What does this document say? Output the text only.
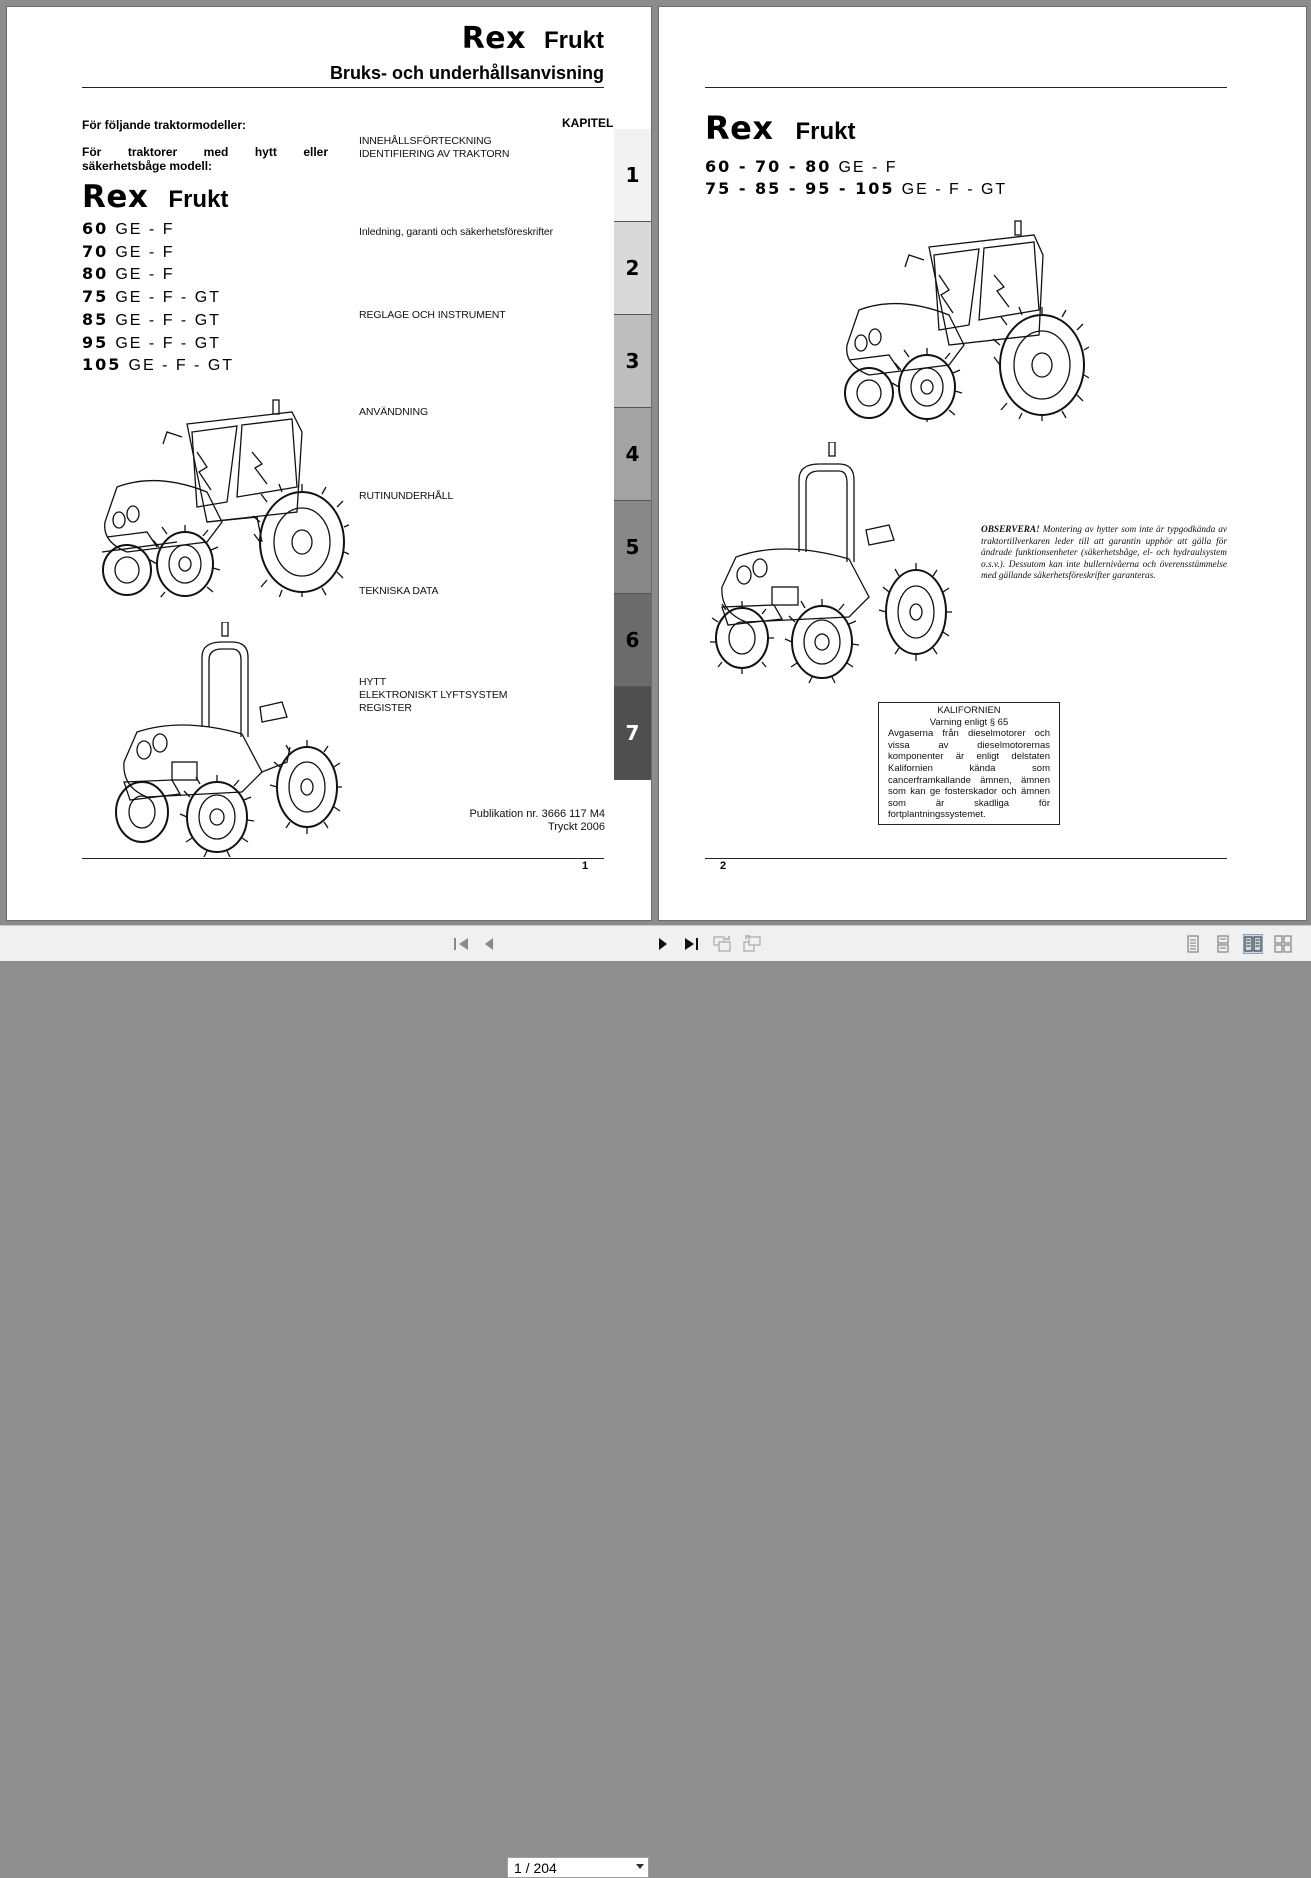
Rex Frukt
Bruks- och underhållsanvisning
För följande traktormodeller:
För traktorer med hytt eller
säkerhetsbåge modell:
KAPITEL
Rex Frukt
60 GE - F
70 GE - F
80 GE - F
75 GE - F - GT
85 GE - F - GT
95 GE - F - GT
105 GE - F - GT
INNEHÅLLSFÖRTECKNING
IDENTIFIERING AV TRAKTORN
Inledning, garanti och säkerhetsföreskrifter
REGLAGE OCH INSTRUMENT
ANVÄNDNING
RUTINUNDERHÅLL
TEKNISKA DATA
HYTT
ELEKTRONISKT LYFTSYSTEM
REGISTER
1
2
3
4
5
6
7
Publikation nr. 3666 117 M4
Tryckt 2006
1
Rex Frukt
60 - 70 - 80 GE - F
75 - 85 - 95 - 105 GE - F - GT
OBSERVERA! Montering av hytter som inte är typgodkända av traktortillverkaren leder till att garantin upphör att gälla för ändrade funktionsenheter (säkerhetsbåge, el- och hydraulsystem o.s.v.). Dessutom kan inte bullernivåerna och överensstämmelse med gällande säkerhetsföreskrifter garanteras.
KALIFORNIEN
Varning enligt § 65
Avgaserna från dieselmotorer och vissa av dieselmotorernas komponenter är enligt delstaten Kalifornien kända som cancerframkallande ämnen, ämnen som kan ge fosterskador och ämnen som är skadliga för fortplantningssystemet.
2
1 / 204
